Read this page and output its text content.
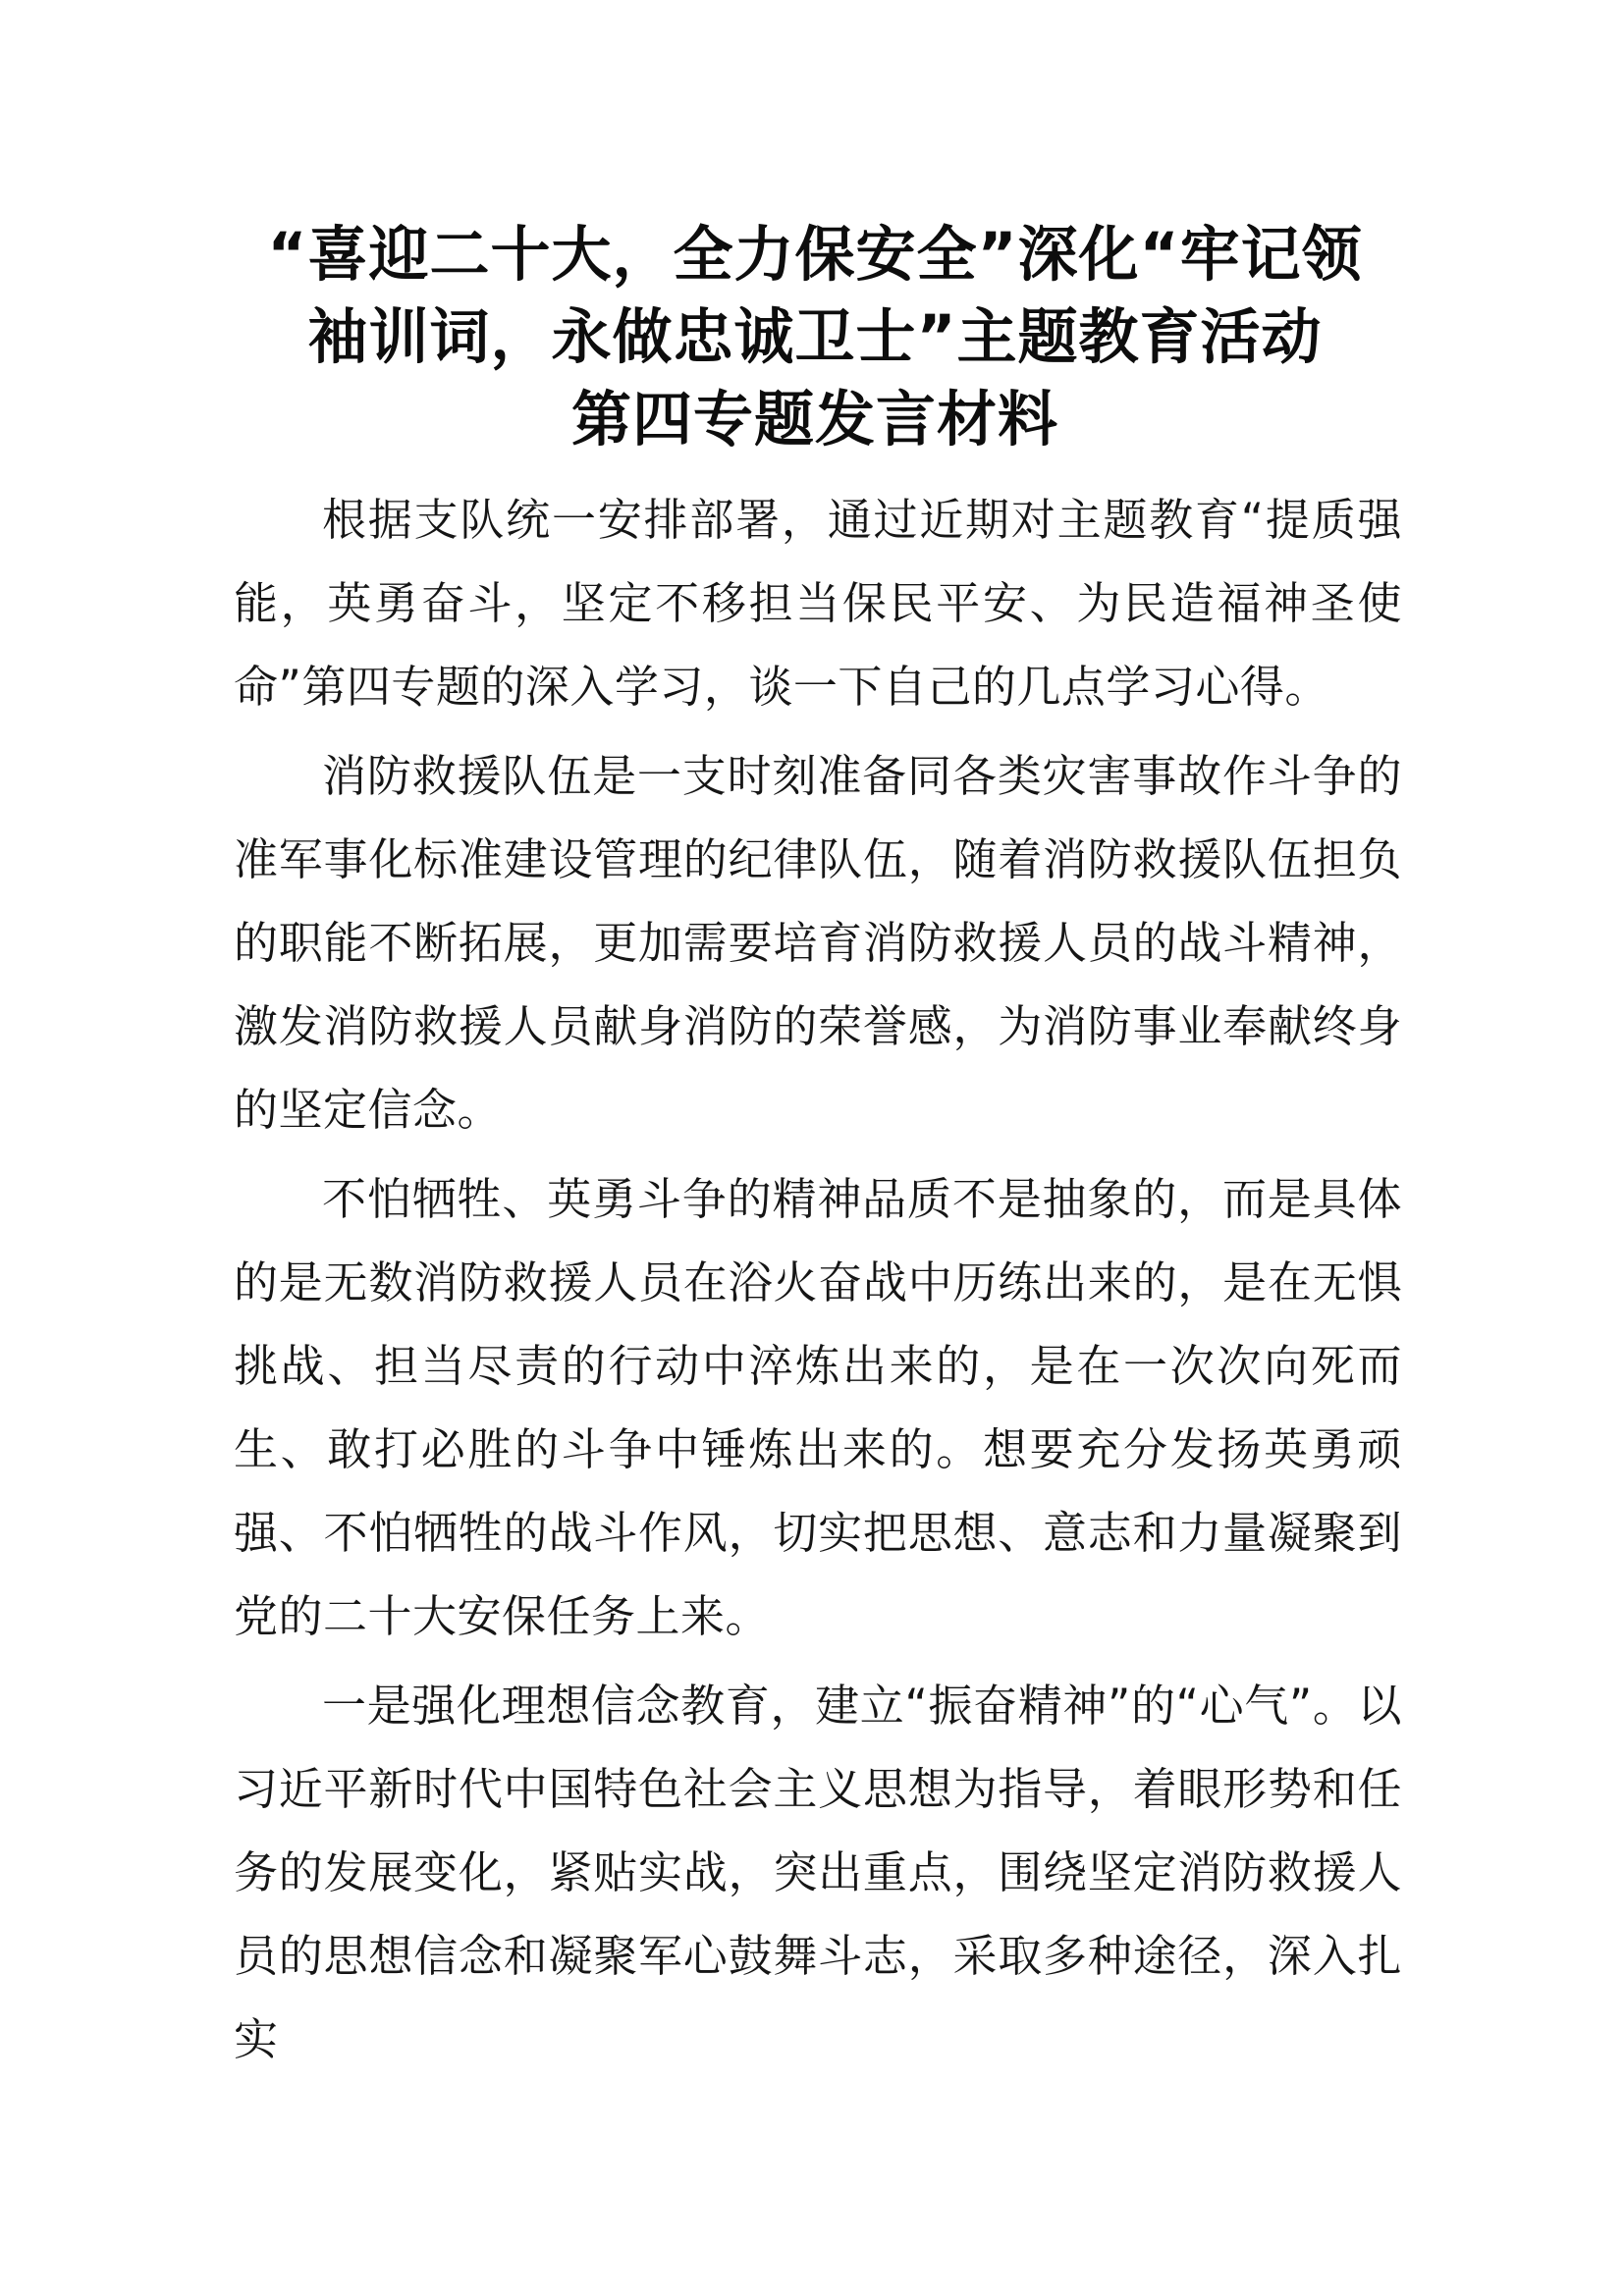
“喜迎二十大，全力保安全”深化“牢记领
袖训词，永做忠诚卫士”主题教育活动
第四专题发言材料

根据支队统一安排部署，通过近期对主题教育“提质强能，英勇奋斗，坚定不移担当保民平安、为民造福神圣使命”第四专题的深入学习，谈一下自己的几点学习心得。

消防救援队伍是一支时刻准备同各类灾害事故作斗争的准军事化标准建设管理的纪律队伍，随着消防救援队伍担负的职能不断拓展，更加需要培育消防救援人员的战斗精神，激发消防救援人员献身消防的荣誉感，为消防事业奉献终身的坚定信念。

不怕牺牲、英勇斗争的精神品质不是抽象的，而是具体的是无数消防救援人员在浴火奋战中历练出来的，是在无惧挑战、担当尽责的行动中淬炼出来的，是在一次次向死而生、敢打必胜的斗争中锤炼出来的。想要充分发扬英勇顽强、不怕牺牲的战斗作风，切实把思想、意志和力量凝聚到党的二十大安保任务上来。

一是强化理想信念教育，建立“振奋精神”的“心气”。以习近平新时代中国特色社会主义思想为指导，着眼形势和任务的发展变化，紧贴实战，突出重点，围绕坚定消防救援人员的思想信念和凝聚军心鼓舞斗志，采取多种途径，深入扎实
